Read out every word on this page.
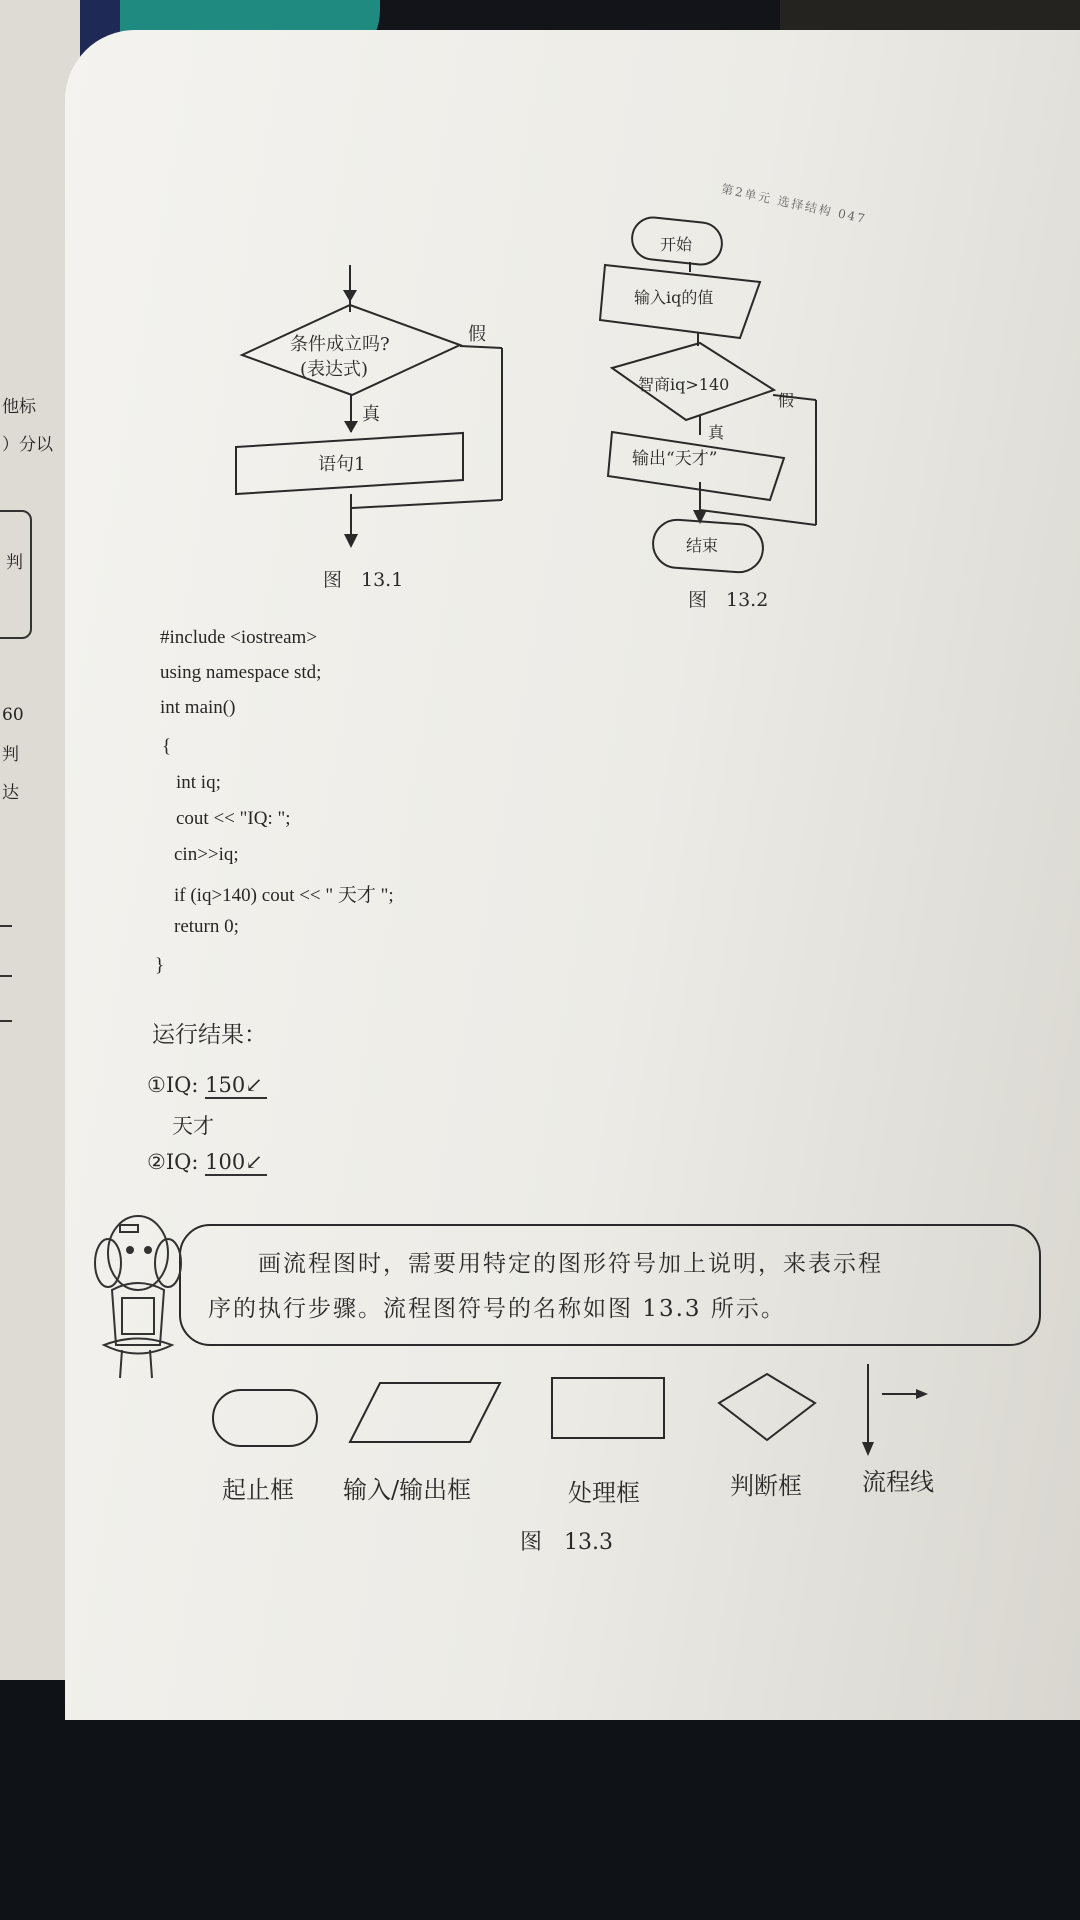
他标
）分以
判
60
判
达
第2单元 选择结构 047
条件成立吗?
(表达式)
假
真
语句1
图　13.1
开始
输入iq的值
智商iq>140
假
真
输出“天才”
结束
图　13.2
#include <iostream>
using namespace std;
int main()
{
int iq;
cout << "IQ: ";
cin>>iq;
if (iq>140) cout << " 天才 ";
return 0;
}
运行结果：
①IQ: 150↙
天才
②IQ: 100↙
画流程图时，需要用特定的图形符号加上说明，来表示程
序的执行步骤。流程图符号的名称如图 13.3 所示。
起止框 输入/输出框	处理框	判断框	流程线
图　13.3
